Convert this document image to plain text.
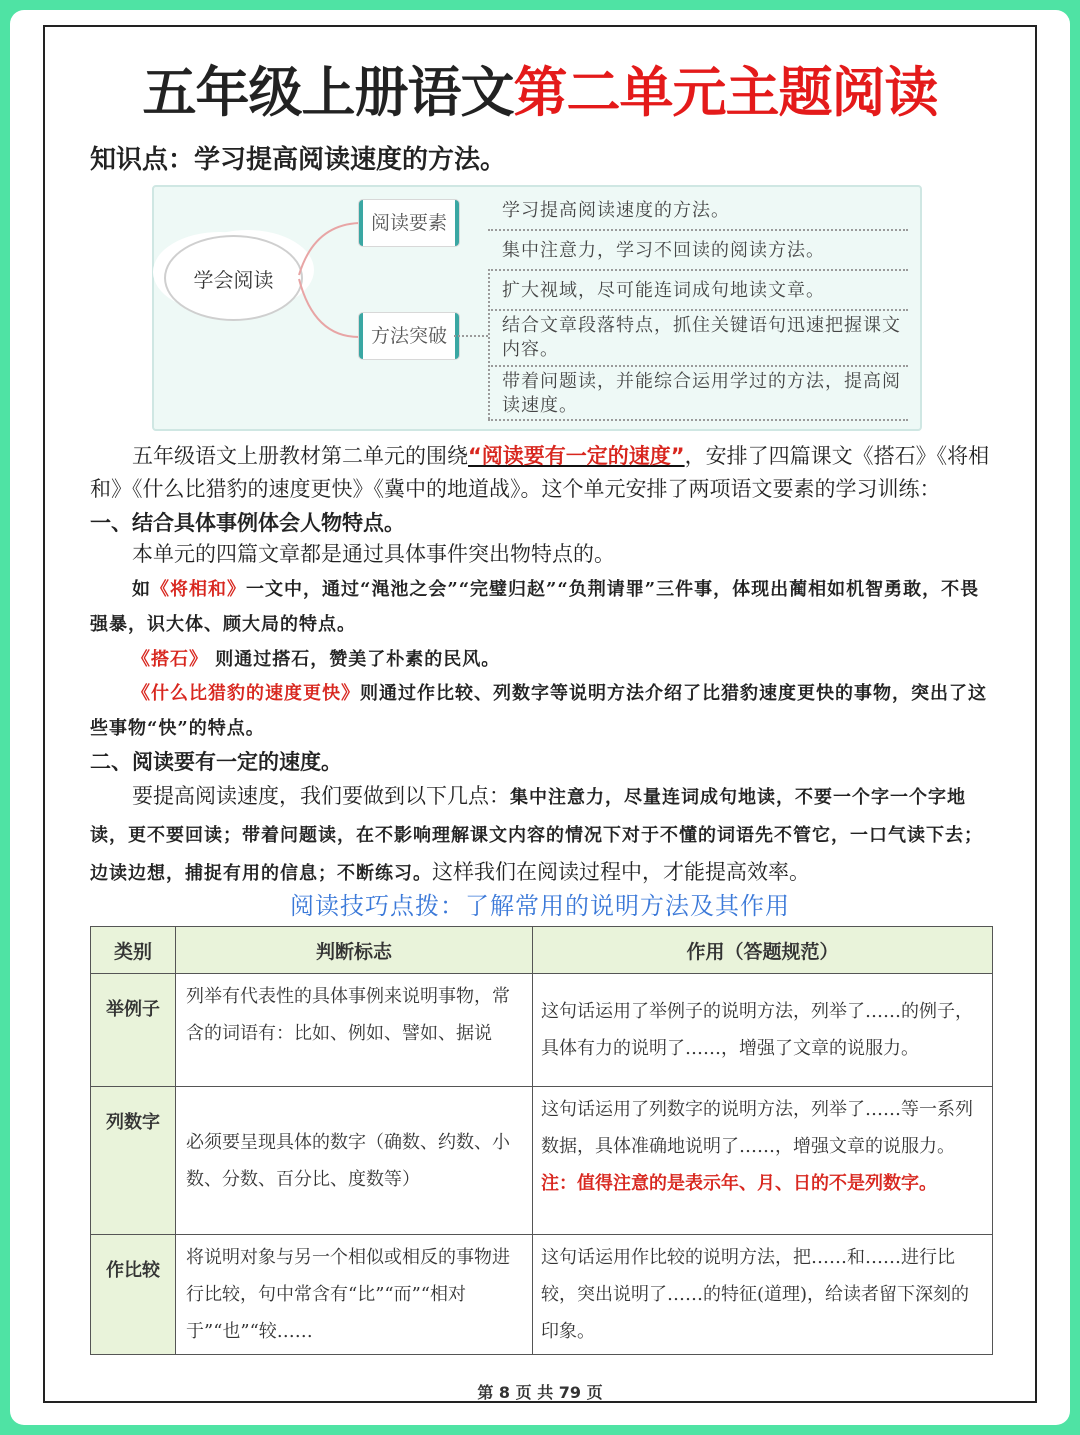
五年级上册语文第二单元主题阅读
知识点：学习提高阅读速度的方法。
学会阅读
阅读要素
方法突破
学习提高阅读速度的方法。
集中注意力，学习不回读的阅读方法。
扩大视域，尽可能连词成句地读文章。
结合文章段落特点，抓住关键语句迅速把握课文内容。
带着问题读，并能综合运用学过的方法，提高阅读速度。
五年级语文上册教材第二单元的围绕“阅读要有一定的速度”，安排了四篇课文《搭石》《将相和》《什么比猎豹的速度更快》《冀中的地道战》。这个单元安排了两项语文要素的学习训练：
一、结合具体事例体会人物特点。
本单元的四篇文章都是通过具体事件突出物特点的。
如《将相和》一文中，通过“渑池之会”“完璧归赵”“负荆请罪”三件事，体现出蔺相如机智勇敢，不畏强暴，识大体、顾大局的特点。
《搭石》 则通过搭石，赞美了朴素的民风。
《什么比猎豹的速度更快》则通过作比较、列数字等说明方法介绍了比猎豹速度更快的事物，突出了这些事物“快”的特点。
二、阅读要有一定的速度。
要提高阅读速度，我们要做到以下几点：集中注意力，尽量连词成句地读，不要一个字一个字地读，更不要回读；带着问题读，在不影响理解课文内容的情况下对于不懂的词语先不管它，一口气读下去；边读边想，捕捉有用的信息；不断练习。这样我们在阅读过程中，才能提高效率。
阅读技巧点拨：了解常用的说明方法及其作用
类别	判断标志	作用（答题规范）
举例子	列举有代表性的具体事例来说明事物，常含的词语有：比如、例如、譬如、据说	这句话运用了举例子的说明方法，列举了……的例子，具体有力的说明了……，增强了文章的说服力。
列数字	必须要呈现具体的数字（确数、约数、小数、分数、百分比、度数等）	这句话运用了列数字的说明方法，列举了……等一系列数据，具体准确地说明了……，增强文章的说服力。
注：值得注意的是表示年、月、日的不是列数字。
作比较	将说明对象与另一个相似或相反的事物进行比较，句中常含有“比”“而”“相对于”“也”“较……	这句话运用作比较的说明方法，把……和……进行比较，突出说明了……的特征(道理)，给读者留下深刻的印象。
第 8 页 共 79 页
